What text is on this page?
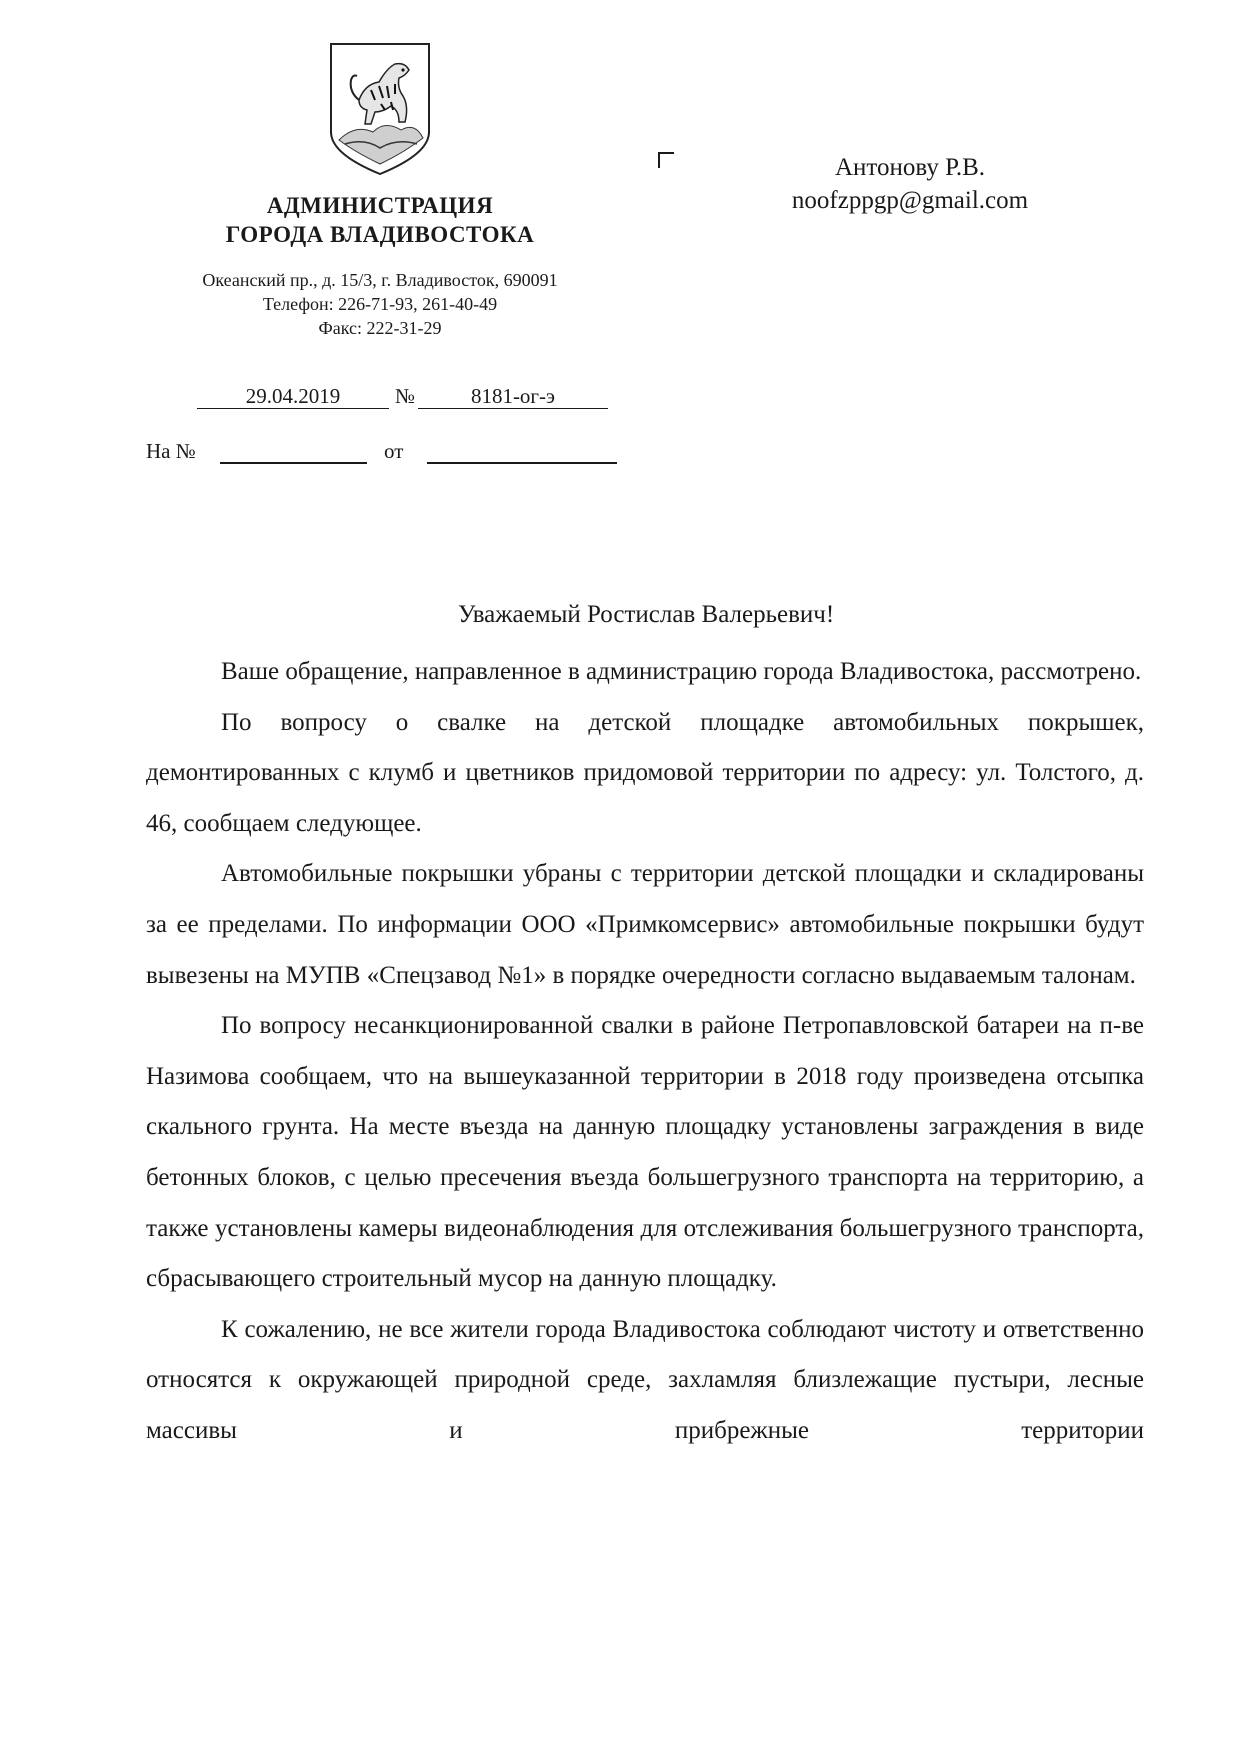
АДМИНИСТРАЦИЯ
ГОРОДА ВЛАДИВОСТОКА
Океанский пр., д. 15/3, г. Владивосток, 690091
Телефон: 226-71-93, 261-40-49
Факс: 222-31-29
29.04.2019	№	8181-ог-э
На №	от
Антонову Р.В.
noofzppgp@gmail.com
Уважаемый Ростислав Валерьевич!

Ваше обращение, направленное в администрацию города Владивостока, рассмотрено.

По вопросу о свалке на детской площадке автомобильных покрышек, демонтированных с клумб и цветников придомовой территории по адресу: ул. Толстого, д. 46, сообщаем следующее.

Автомобильные покрышки убраны с территории детской площадки и складированы за ее пределами. По информации ООО «Примкомсервис» автомобильные покрышки будут вывезены на МУПВ «Спецзавод №1» в порядке очередности согласно выдаваемым талонам.

По вопросу несанкционированной свалки в районе Петропавловской батареи на п-ве Назимова сообщаем, что на вышеуказанной территории в 2018 году произведена отсыпка скального грунта. На месте въезда на данную площадку установлены заграждения в виде бетонных блоков, с целью пресечения въезда большегрузного транспорта на территорию, а также установлены камеры видеонаблюдения для отслеживания большегрузного транспорта, сбрасывающего строительный мусор на данную площадку.

К сожалению, не все жители города Владивостока соблюдают чистоту и ответственно относятся к окружающей природной среде, захламляя близлежащие пустыри, лесные массивы и прибрежные территории
